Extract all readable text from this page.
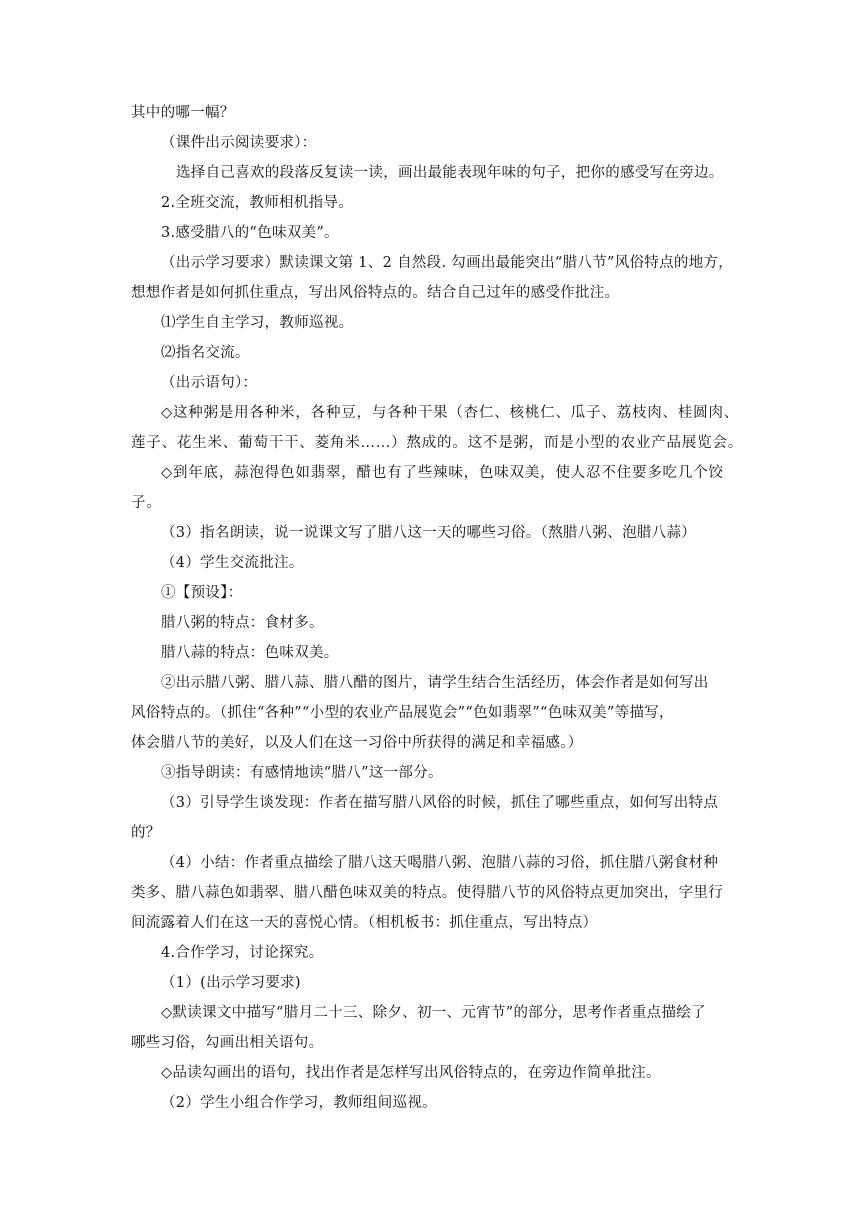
其中的哪一幅？
（课件出示阅读要求）：
选择自己喜欢的段落反复读一读，画出最能表现年味的句子，把你的感受写在旁边。
2.全班交流，教师相机指导。
3.感受腊八的“色味双美”。
（出示学习要求）默读课文第 1、2 自然段. 勾画出最能突出“腊八节”风俗特点的地方，
想想作者是如何抓住重点，写出风俗特点的。结合自己过年的感受作批注。
⑴学生自主学习，教师巡视。
⑵指名交流。
（出示语句）：
◇这种粥是用各种米，各种豆，与各种干果（杏仁、核桃仁、瓜子、荔枝肉、桂圆肉、
莲子、花生米、葡萄干干、菱角米……）熬成的。这不是粥，而是小型的农业产品展览会。
◇到年底，蒜泡得色如翡翠，醋也有了些辣味，色味双美，使人忍不住要多吃几个饺
子。
（3）指名朗读，说一说课文写了腊八这一天的哪些习俗。（熬腊八粥、泡腊八蒜）
（4）学生交流批注。
①【预设】：
腊八粥的特点：食材多。
腊八蒜的特点：色味双美。
②出示腊八粥、腊八蒜、腊八醋的图片，请学生结合生活经历，体会作者是如何写出
风俗特点的。（抓住“各种”“小型的农业产品展览会”“色如翡翠”“色味双美”等描写，
体会腊八节的美好，以及人们在这一习俗中所获得的满足和幸福感。）
③指导朗读：有感情地读“腊八”这一部分。
（3）引导学生谈发现：作者在描写腊八风俗的时候，抓住了哪些重点，如何写出特点
的？
（4）小结：作者重点描绘了腊八这天喝腊八粥、泡腊八蒜的习俗，抓住腊八粥食材种
类多、腊八蒜色如翡翠、腊八醋色味双美的特点。使得腊八节的风俗特点更加突出，字里行
间流露着人们在这一天的喜悦心情。（相机板书：抓住重点，写出特点）
4.合作学习，讨论探究。
（1）(出示学习要求)
◇默读课文中描写“腊月二十三、除夕、初一、元宵节”的部分，思考作者重点描绘了
哪些习俗，勾画出相关语句。
◇品读勾画出的语句，找出作者是怎样写出风俗特点的，在旁边作简单批注。
（2）学生小组合作学习，教师组间巡视。
